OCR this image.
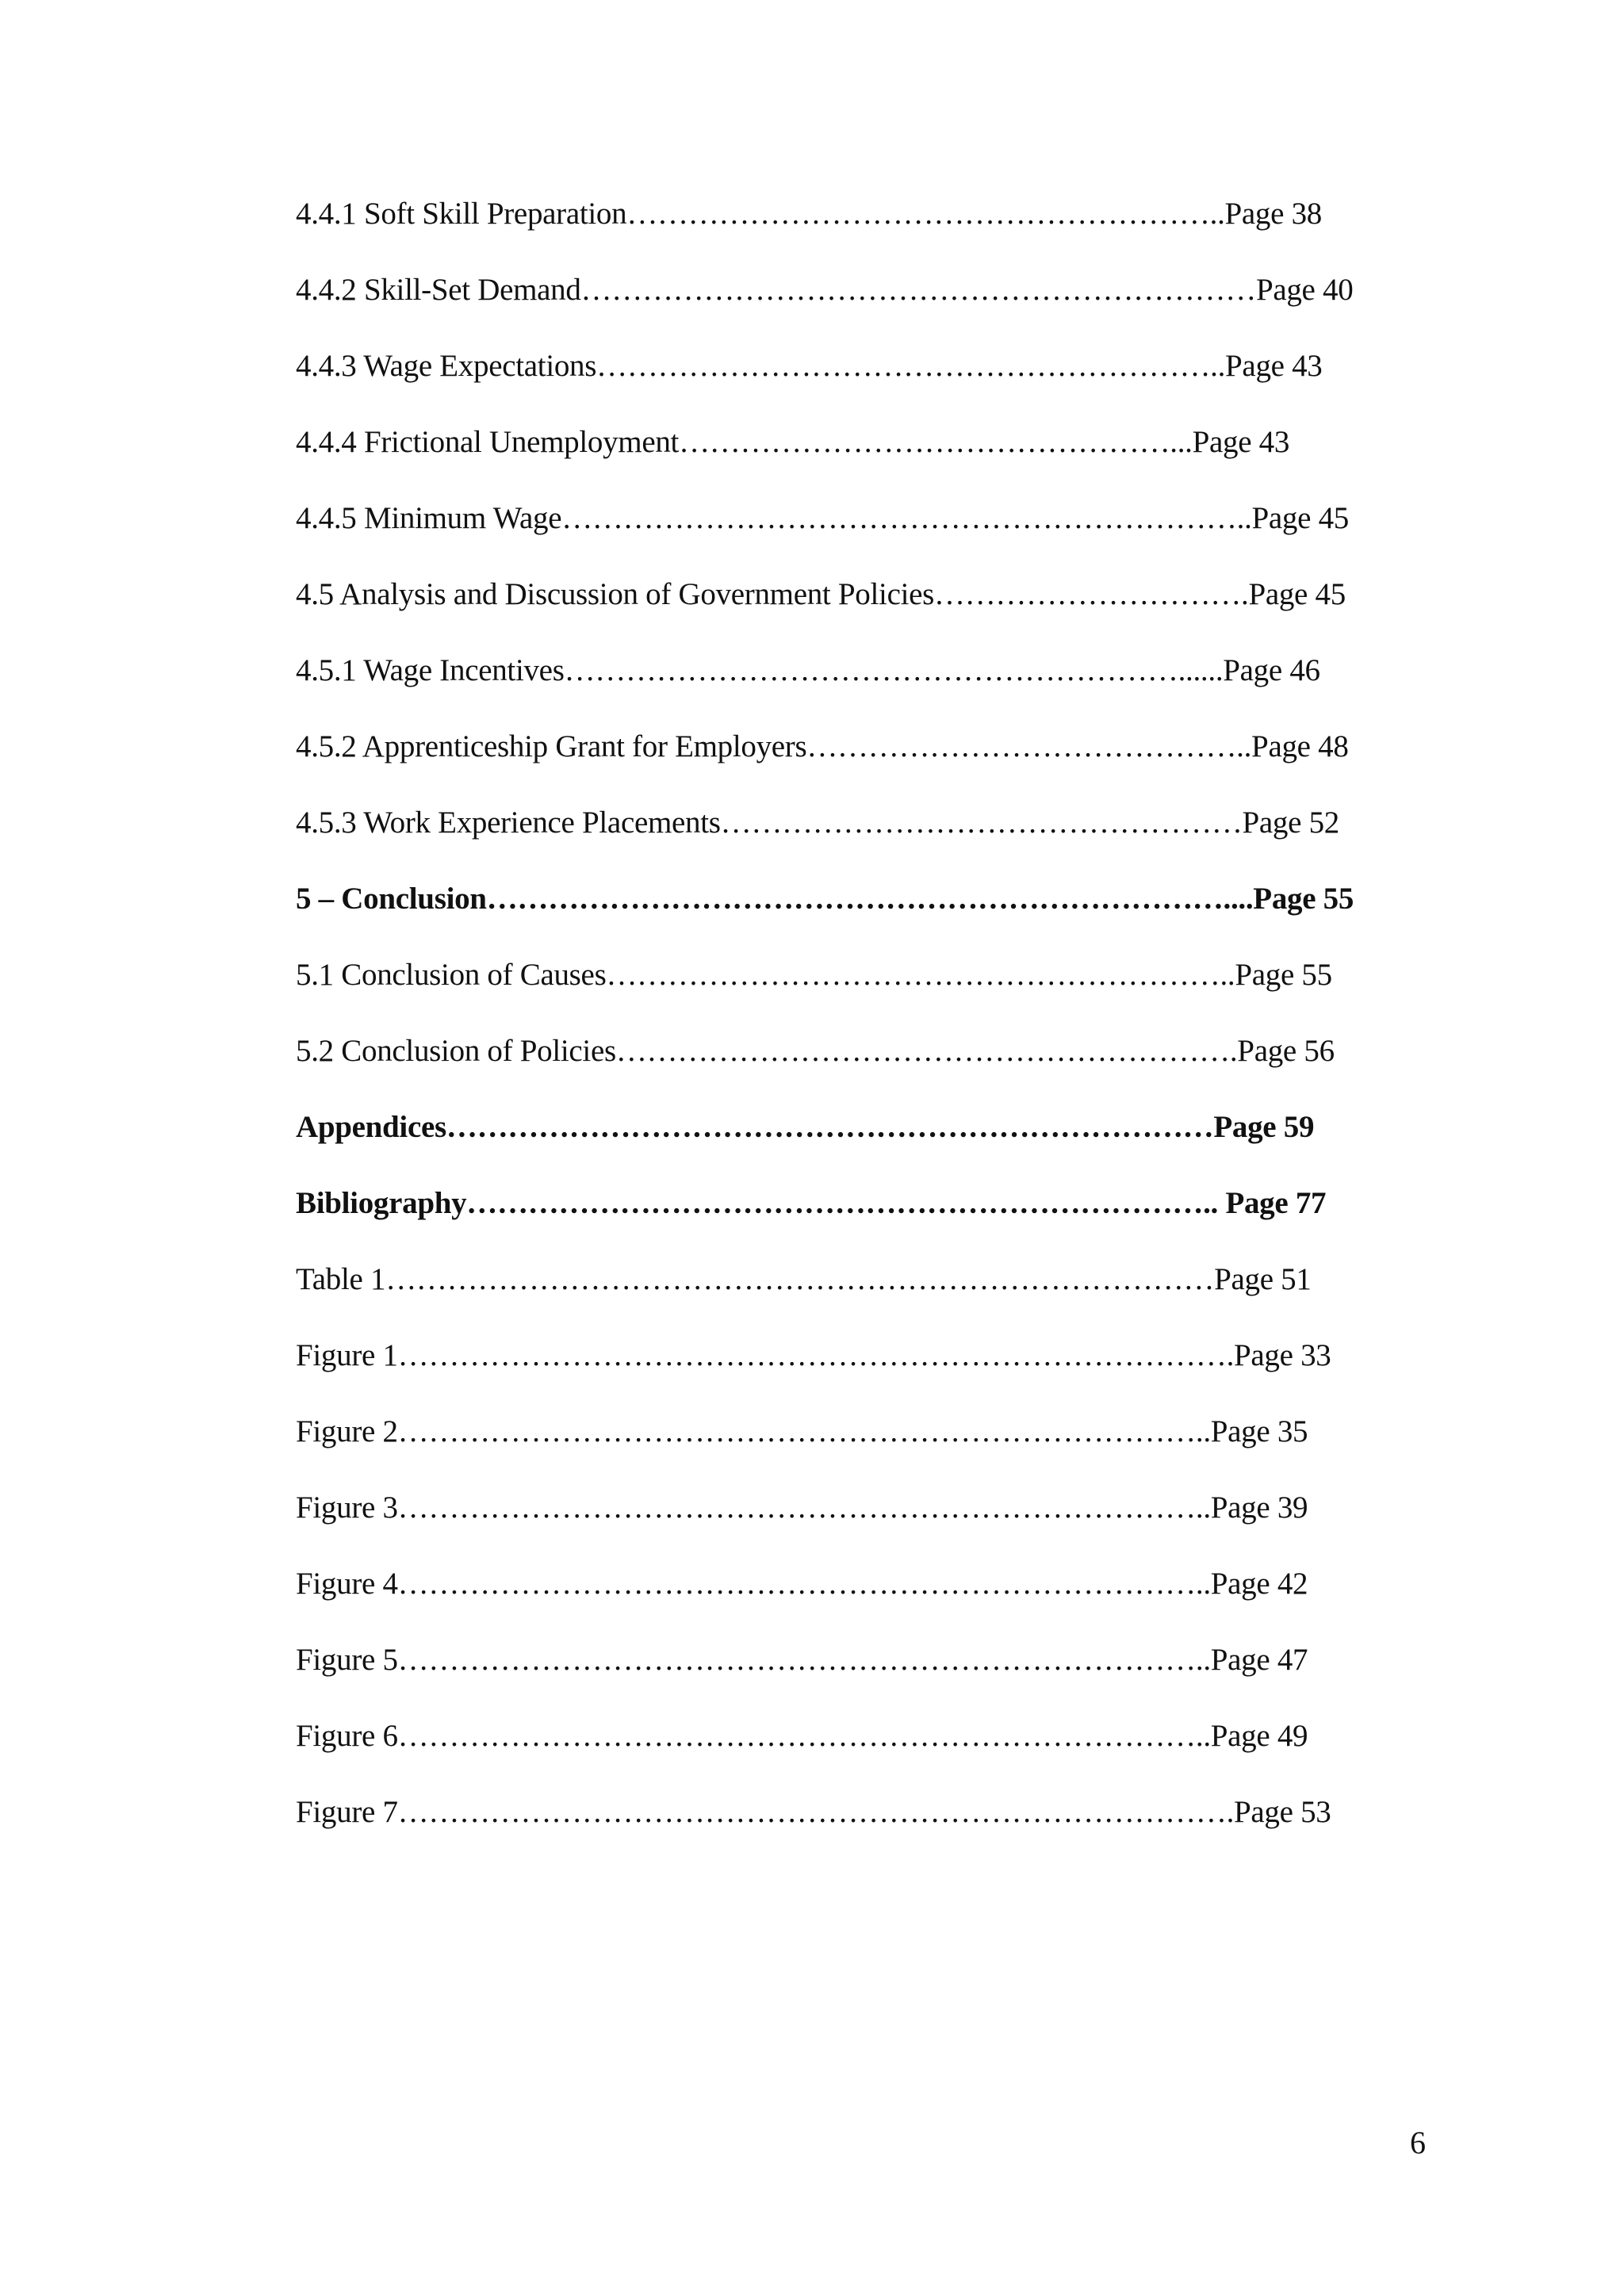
4.4.1 Soft Skill Preparation…………………………………………………..Page 38
4.4.2 Skill-Set Demand…………………………………………………………Page 40
4.4.3 Wage Expectations……………………………………………………..Page 43
4.4.4 Frictional Unemployment…………………………………………...Page 43
4.4.5 Minimum Wage…………………………………………………………..Page 45
4.5 Analysis and Discussion of Government Policies………………………….Page 45
4.5.1 Wage Incentives……………………………………………………......Page 46
4.5.2 Apprenticeship Grant for Employers……………………………………..Page 48
4.5.3 Work Experience Placements……………………………………………Page 52
5 – Conclusion………………………………………………………………....Page 55
5.1 Conclusion of Causes……………………………………………………..Page 55
5.2 Conclusion of Policies…………………………………………………….Page 56
Appendices…………………………………………………………………Page 59
Bibliography……………………………………………………………….. Page 77
Table 1………………………………………………………………………Page 51
Figure 1……………………………………………………………………….Page 33
Figure 2……………………………………………………………………..Page 35
Figure 3……………………………………………………………………..Page 39
Figure 4……………………………………………………………………..Page 42
Figure 5……………………………………………………………………..Page 47
Figure 6……………………………………………………………………..Page 49
Figure 7……………………………………………………………………….Page 53
6
